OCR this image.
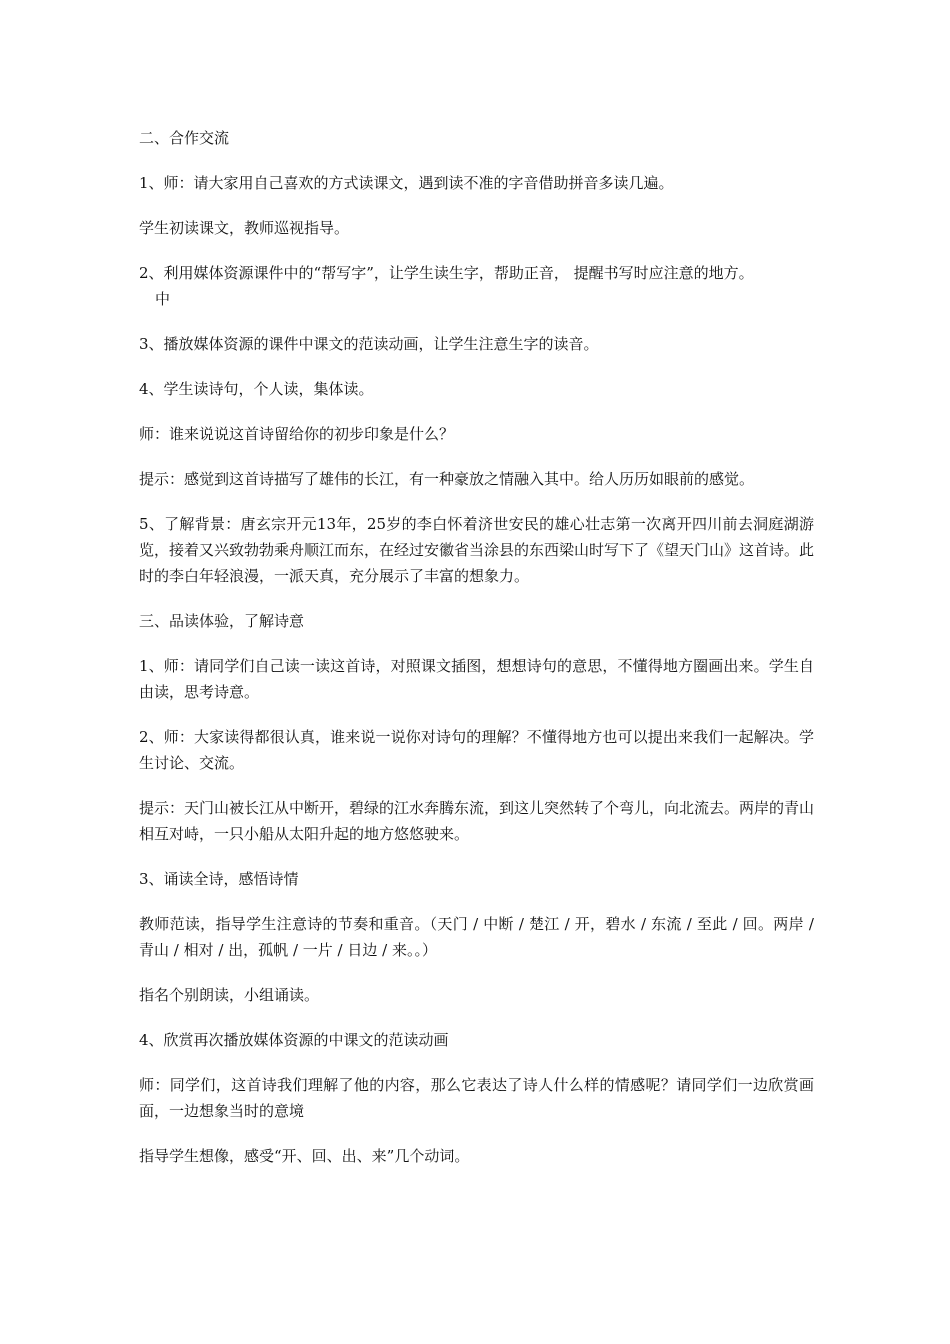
二、合作交流

1、师：请大家用自己喜欢的方式读课文，遇到读不准的字音借助拼音多读几遍。

学生初读课文，教师巡视指导。

2、利用媒体资源课件中的“帮写字”，让学生读生字，帮助正音， 提醒书写时应注意的地方。
中

3、播放媒体资源的课件中课文的范读动画，让学生注意生字的读音。

4、学生读诗句，个人读，集体读。

师：谁来说说这首诗留给你的初步印象是什么？

提示：感觉到这首诗描写了雄伟的长江，有一种豪放之情融入其中。给人历历如眼前的感觉。

5、了解背景：唐玄宗开元13年，25岁的李白怀着济世安民的雄心壮志第一次离开四川前去洞庭湖游览，接着又兴致勃勃乘舟顺江而东，在经过安徽省当涂县的东西梁山时写下了《望天门山》这首诗。此时的李白年轻浪漫，一派天真，充分展示了丰富的想象力。

三、品读体验，了解诗意

1、师：请同学们自己读一读这首诗，对照课文插图，想想诗句的意思，不懂得地方圈画出来。学生自由读，思考诗意。

2、师：大家读得都很认真，谁来说一说你对诗句的理解？不懂得地方也可以提出来我们一起解决。学生讨论、交流。

提示：天门山被长江从中断开，碧绿的江水奔腾东流，到这儿突然转了个弯儿，向北流去。两岸的青山相互对峙，一只小船从太阳升起的地方悠悠驶来。

3、诵读全诗，感悟诗情

教师范读，指导学生注意诗的节奏和重音。（天门 / 中断 / 楚江 / 开，碧水 / 东流 / 至此 / 回。两岸 / 青山 / 相对 / 出，孤帆 / 一片 / 日边 / 来。。）

指名个别朗读，小组诵读。

4、欣赏再次播放媒体资源的中课文的范读动画

师：同学们，这首诗我们理解了他的内容，那么它表达了诗人什么样的情感呢？请同学们一边欣赏画面，一边想象当时的意境

指导学生想像，感受“开、回、出、来”几个动词。
